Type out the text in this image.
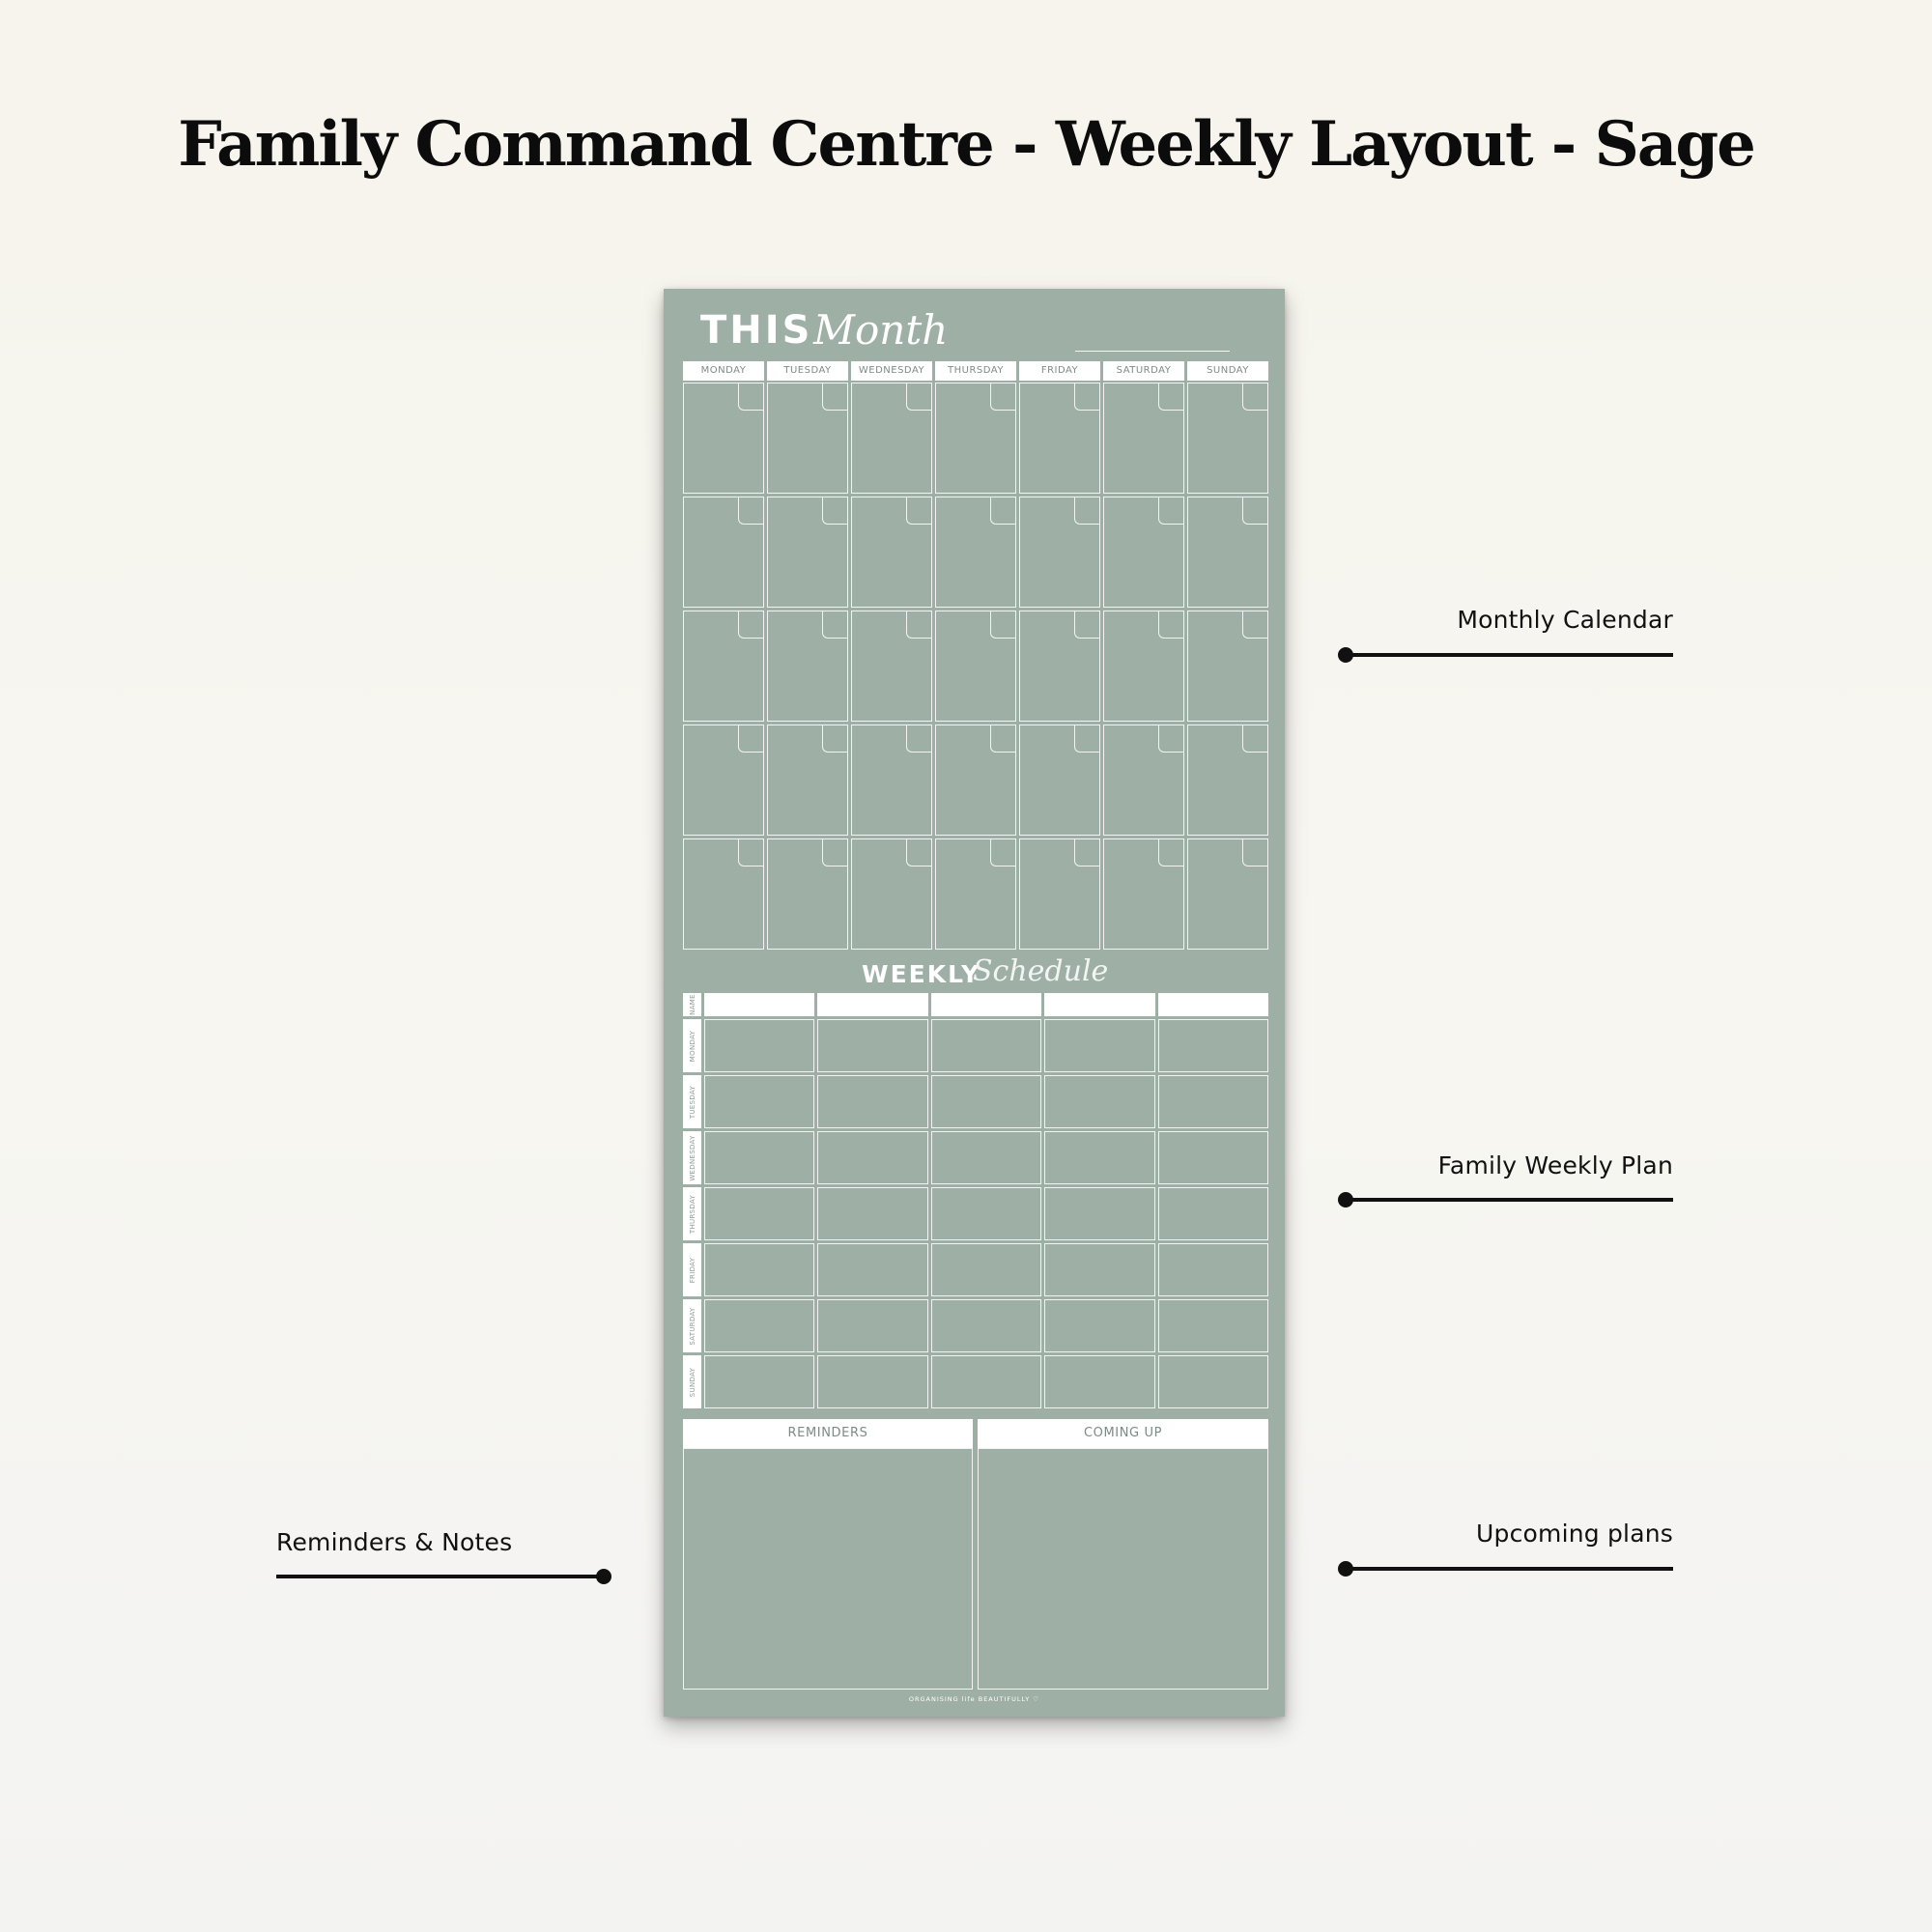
Family Command Centre - Weekly Layout - Sage
THIS Month
MONDAY	TUESDAY	WEDNESDAY	THURSDAY	FRIDAY	SATURDAY	SUNDAY
WEEKLY
Schedule
NAME
MONDAY
TUESDAY
WEDNESDAY
THURSDAY
FRIDAY
SATURDAY
SUNDAY
REMINDERS	COMING UP
ORGANISING life BEAUTIFULLY ♡
Monthly Calendar
Family Weekly Plan
Reminders & Notes	Upcoming plans
